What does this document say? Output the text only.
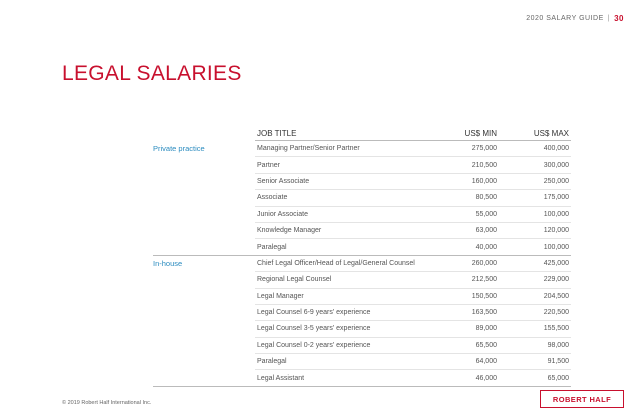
2020 SALARY GUIDE | 30
LEGAL SALARIES
JOB TITLE	US$ MIN	US$ MAX
Private practice	Managing Partner/Senior Partner	275,000	400,000
Partner	210,500	300,000
Senior Associate	160,000	250,000
Associate	80,500	175,000
Junior Associate	55,000	100,000
Knowledge Manager	63,000	120,000
Paralegal	40,000	100,000
In-house	Chief Legal Officer/Head of Legal/General Counsel	260,000	425,000
Regional Legal Counsel	212,500	229,000
Legal Manager	150,500	204,500
Legal Counsel 6-9 years' experience	163,500	220,500
Legal Counsel 3-5 years' experience	89,000	155,500
Legal Counsel 0-2 years' experience	65,500	98,000
Paralegal	64,000	91,500
Legal Assistant	46,000	65,000
© 2019 Robert Half International Inc.	ROBERT HALF
